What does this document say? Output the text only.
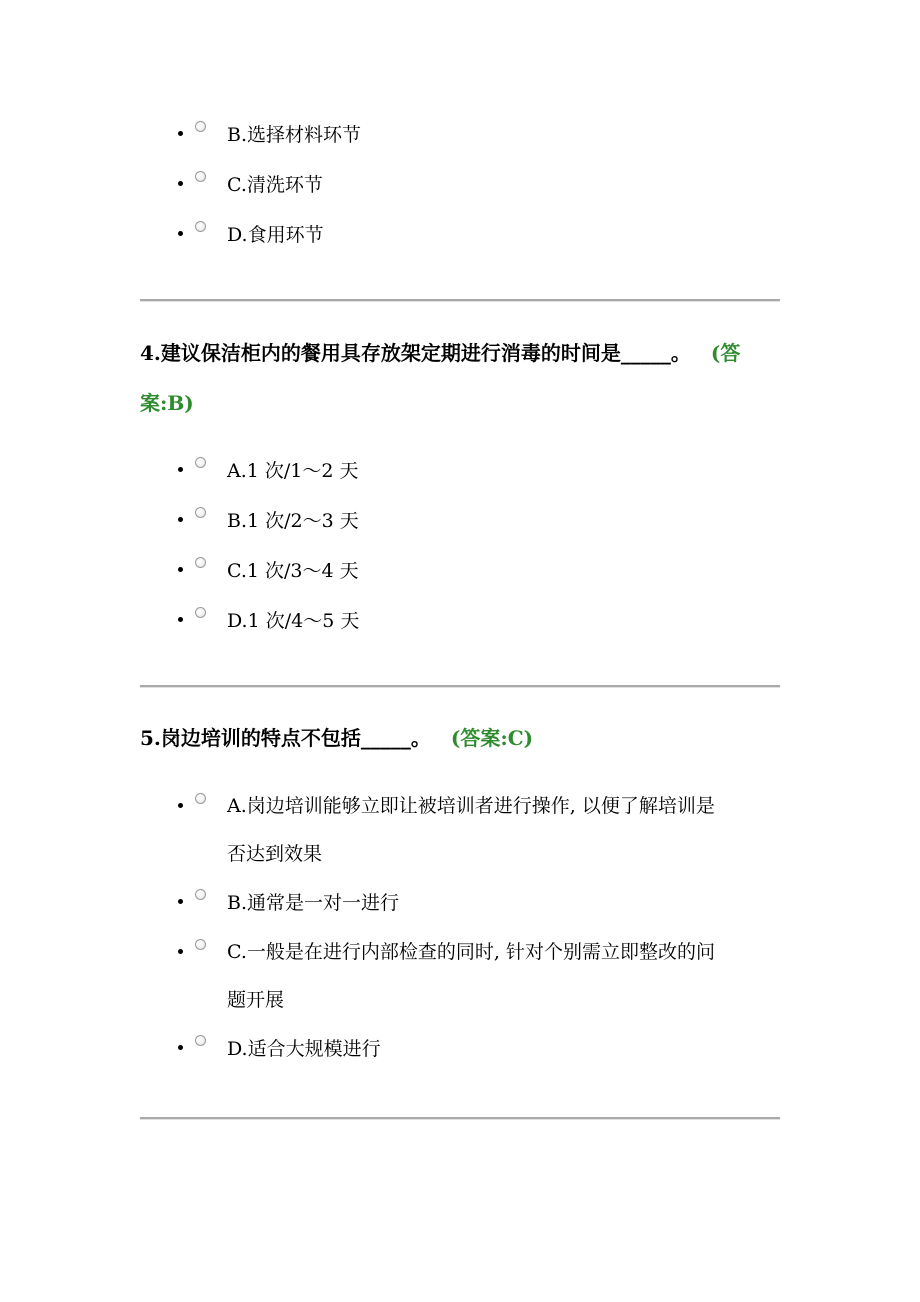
B.选择材料环节
C.清洗环节
D.食用环节
4.建议保洁柜内的餐用具存放架定期进行消毒的时间是_____。 (答
案:B)
A.1 次/1～2 天
B.1 次/2～3 天
C.1 次/3～4 天
D.1 次/4～5 天
5.岗边培训的特点不包括_____。 (答案:C)
A.岗边培训能够立即让被培训者进行操作, 以便了解培训是
否达到效果
B.通常是一对一进行
C.一般是在进行内部检查的同时, 针对个别需立即整改的问
题开展
D.适合大规模进行
